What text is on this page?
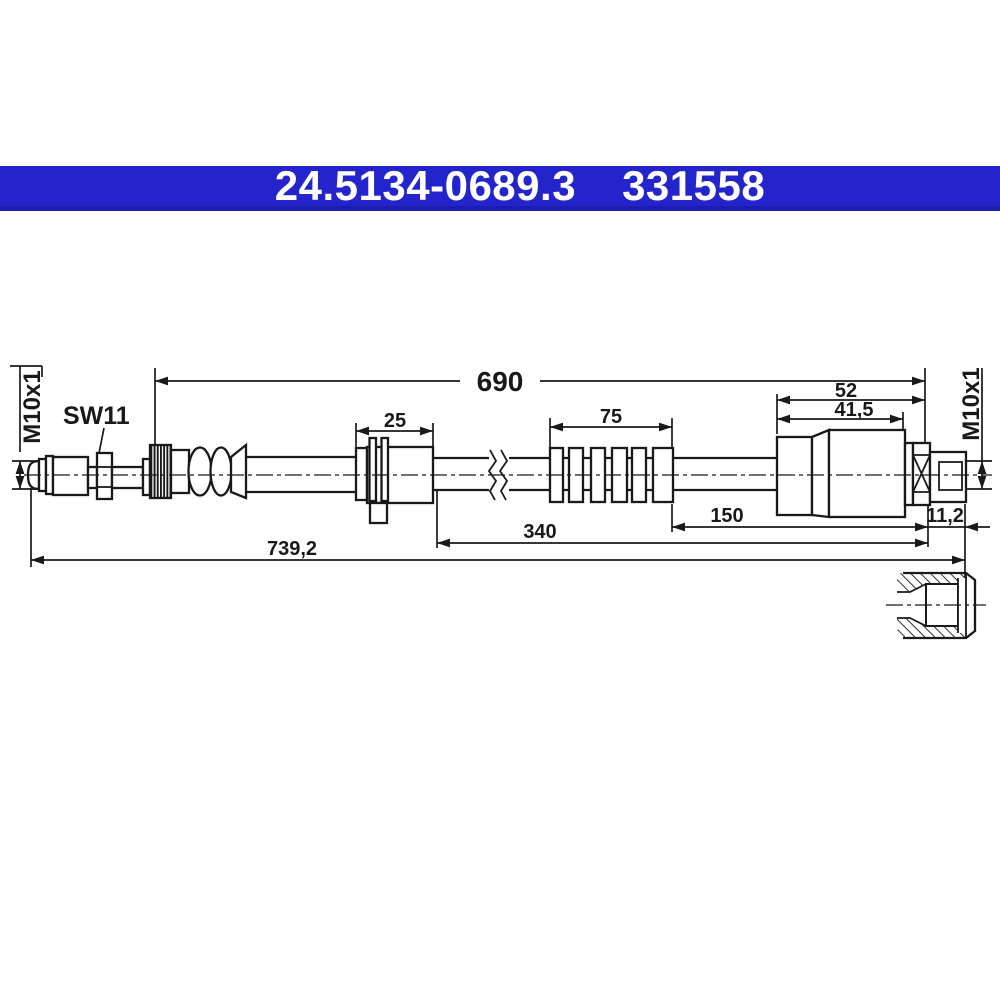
24.5134-0689.3 331558
690	52
41,5
25	75
150
340
11,2
739,2
M10x1	M10x1
SW11
